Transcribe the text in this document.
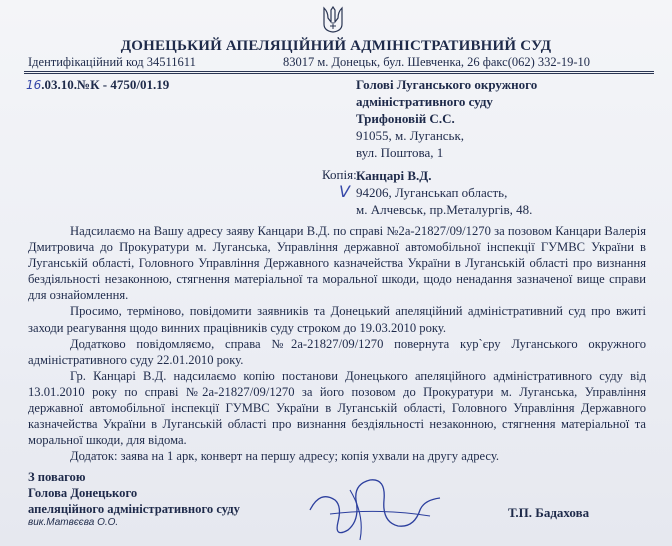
ДОНЕЦЬКИЙ АПЕЛЯЦІЙНИЙ АДМІНІСТРАТИВНИЙ СУД
Ідентифікаційний код 34511611	83017 м. Донецьк, бул. Шевченка, 26 факс(062) 332-19-10
16.03.10.№К - 4750/01.19	Голові Луганського окружного
адміністративного суду
Трифоновій С.С.
91055, м. Луганськ,
вул. Поштова, 1
Копія:
V
Канцарі В.Д.
94206, Луганськап область,
м. Алчевськ, пр.Металургів, 48.

Надсилаємо на Вашу адресу заяву Канцари В.Д. по справі №2а-21827/09/1270 за позовом Канцари Валерія Дмитровича до Прокуратури м. Луганська, Управління державної автомобільної інспекції ГУМВС України в Луганській області, Головного Управління Державного казначейства України в Луганській області про визнання бездіяльності незаконною, стягнення матеріальної та моральної шкоди, щодо ненадання зазначеної вище справи для ознайомлення.

Просимо, терміново, повідомити заявників та Донецький апеляційний адміністративний суд про вжиті заходи реагування щодо винних працівників суду строком до 19.03.2010 року.

Додатково повідомляємо, справа №2а-21827/09/1270 повернута кур`єру Луганського окружного адміністративного суду 22.01.2010 року.

Гр. Канцарі В.Д. надсилаємо копію постанови Донецького апеляційного адміністративного суду від 13.01.2010 року по справі №2а-21827/09/1270 за його позовом до Прокуратури м. Луганська, Управління державної автомобільної інспекції ГУМВС України в Луганській області, Головного Управління Державного казначейства України в Луганській області про визнання бездіяльності незаконною, стягнення матеріальної та моральної шкоди, для відома.

Додаток: заява на 1 арк, конверт на першу адресу; копія ухвали на другу адресу.

З повагою
Голова Донецького
апеляційного адміністративного суду	Т.П. Бадахова
вик.Матвєєва О.О.
